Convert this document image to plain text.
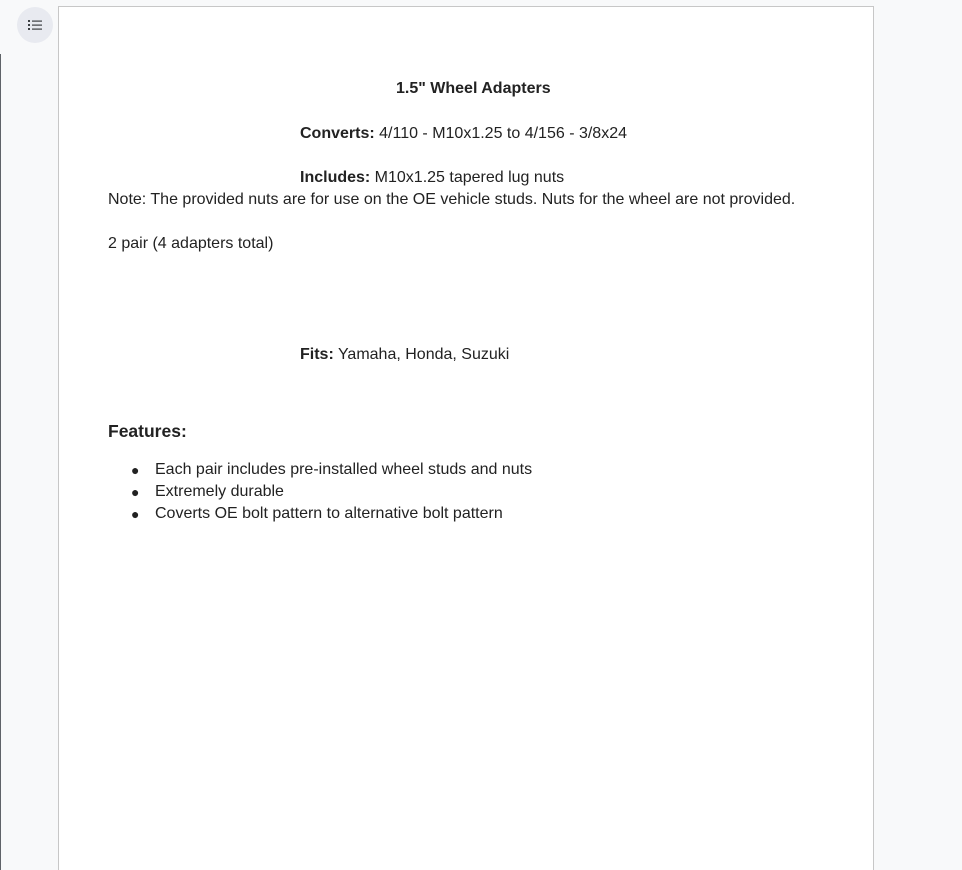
1.5" Wheel Adapters
Converts: 4/110 - M10x1.25 to 4/156 - 3/8x24
Includes: M10x1.25 tapered lug nuts
Note: The provided nuts are for use on the OE vehicle studs. Nuts for the wheel are not provided.
2 pair (4 adapters total)
Fits: Yamaha, Honda, Suzuki
Features:
● Each pair includes pre-installed wheel studs and nuts
● Extremely durable
● Coverts OE bolt pattern to alternative bolt pattern
